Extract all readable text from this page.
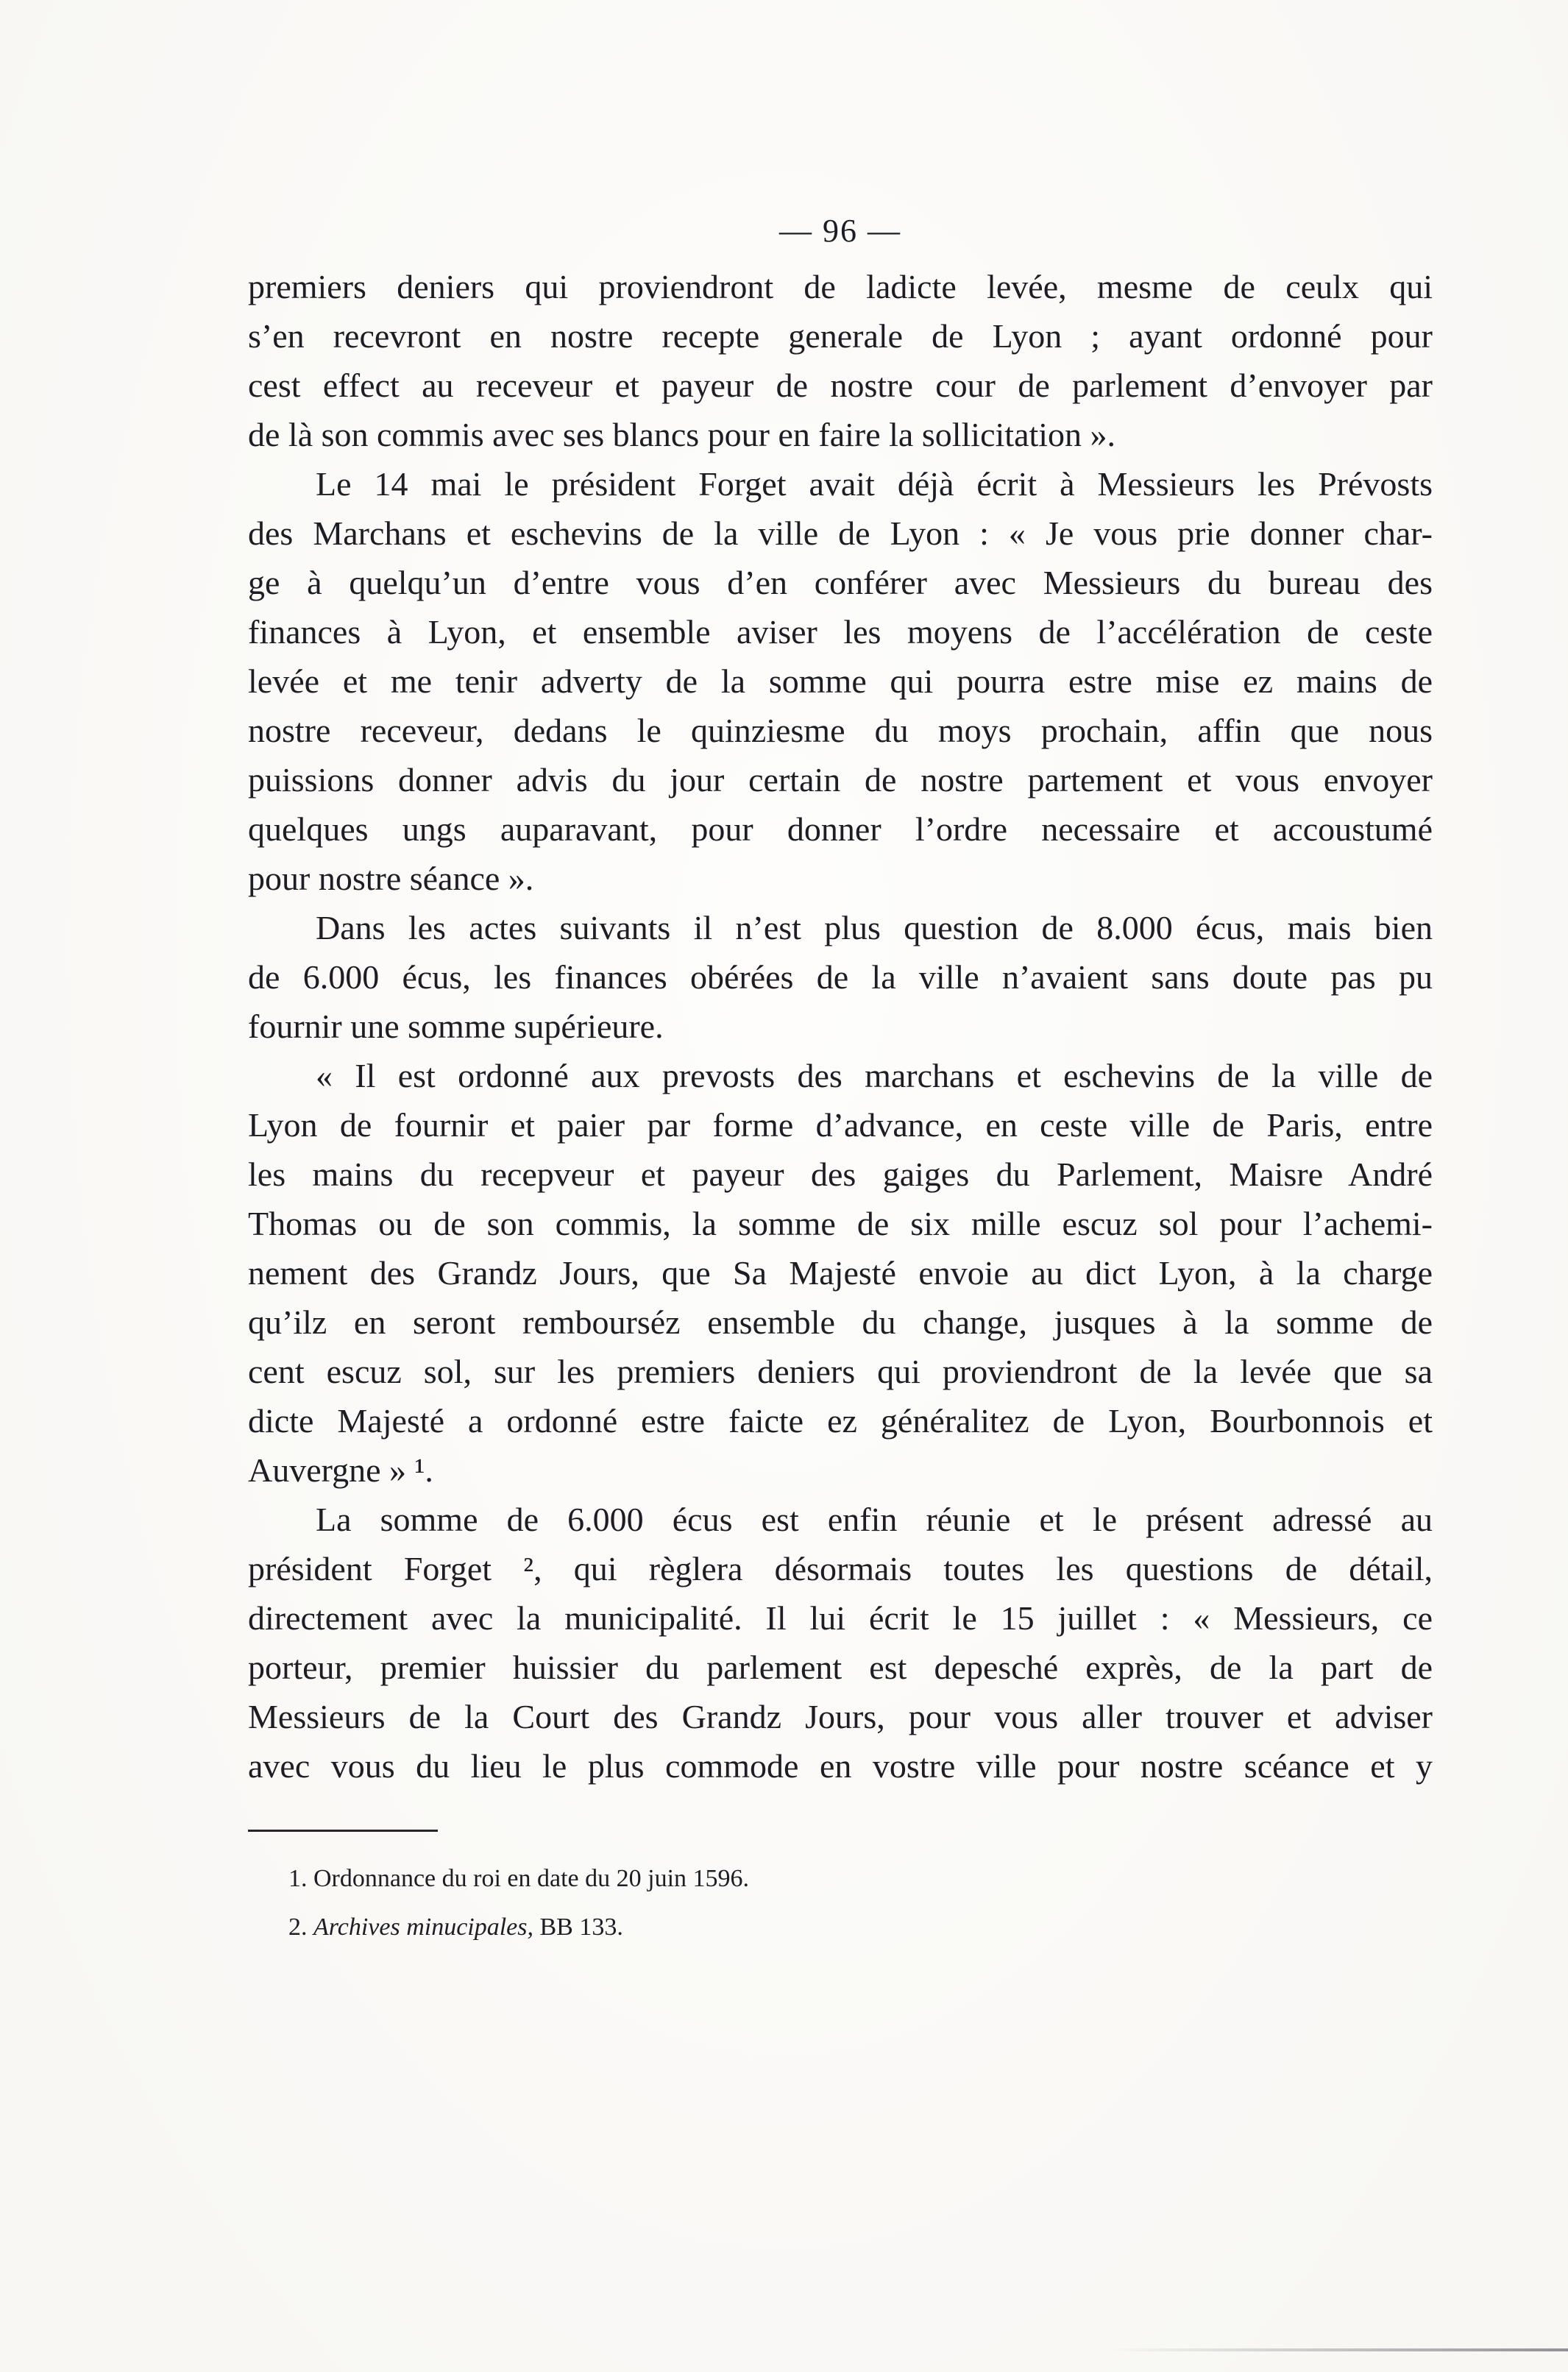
— 96 —
premiers deniers qui proviendront de ladicte levée, mesme de ceulx qui
s’en recevront en nostre recepte generale de Lyon ; ayant ordonné pour
cest effect au receveur et payeur de nostre cour de parlement d’envoyer par
de là son commis avec ses blancs pour en faire la sollicitation ».
Le 14 mai le président Forget avait déjà écrit à Messieurs les Prévosts
des Marchans et eschevins de la ville de Lyon : « Je vous prie donner char-
ge à quelqu’un d’entre vous d’en conférer avec Messieurs du bureau des
finances à Lyon, et ensemble aviser les moyens de l’accélération de ceste
levée et me tenir adverty de la somme qui pourra estre mise ez mains de
nostre receveur, dedans le quinziesme du moys prochain, affin que nous
puissions donner advis du jour certain de nostre partement et vous envoyer
quelques ungs auparavant, pour donner l’ordre necessaire et accoustumé
pour nostre séance ».
Dans les actes suivants il n’est plus question de 8.000 écus, mais bien
de 6.000 écus, les finances obérées de la ville n’avaient sans doute pas pu
fournir une somme supérieure.
« Il est ordonné aux prevosts des marchans et eschevins de la ville de
Lyon de fournir et paier par forme d’advance, en ceste ville de Paris, entre
les mains du recepveur et payeur des gaiges du Parlement, Maisre André
Thomas ou de son commis, la somme de six mille escuz sol pour l’achemi-
nement des Grandz Jours, que Sa Majesté envoie au dict Lyon, à la charge
qu’ilz en seront rembourséz ensemble du change, jusques à la somme de
cent escuz sol, sur les premiers deniers qui proviendront de la levée que sa
dicte Majesté a ordonné estre faicte ez généralitez de Lyon, Bourbonnois et
Auvergne » ¹.
La somme de 6.000 écus est enfin réunie et le présent adressé au
président Forget ², qui règlera désormais toutes les questions de détail,
directement avec la municipalité. Il lui écrit le 15 juillet : « Messieurs, ce
porteur, premier huissier du parlement est depesché exprès, de la part de
Messieurs de la Court des Grandz Jours, pour vous aller trouver et adviser
avec vous du lieu le plus commode en vostre ville pour nostre scéance et y
1. Ordonnance du roi en date du 20 juin 1596.
2. Archives minucipales, BB 133.
